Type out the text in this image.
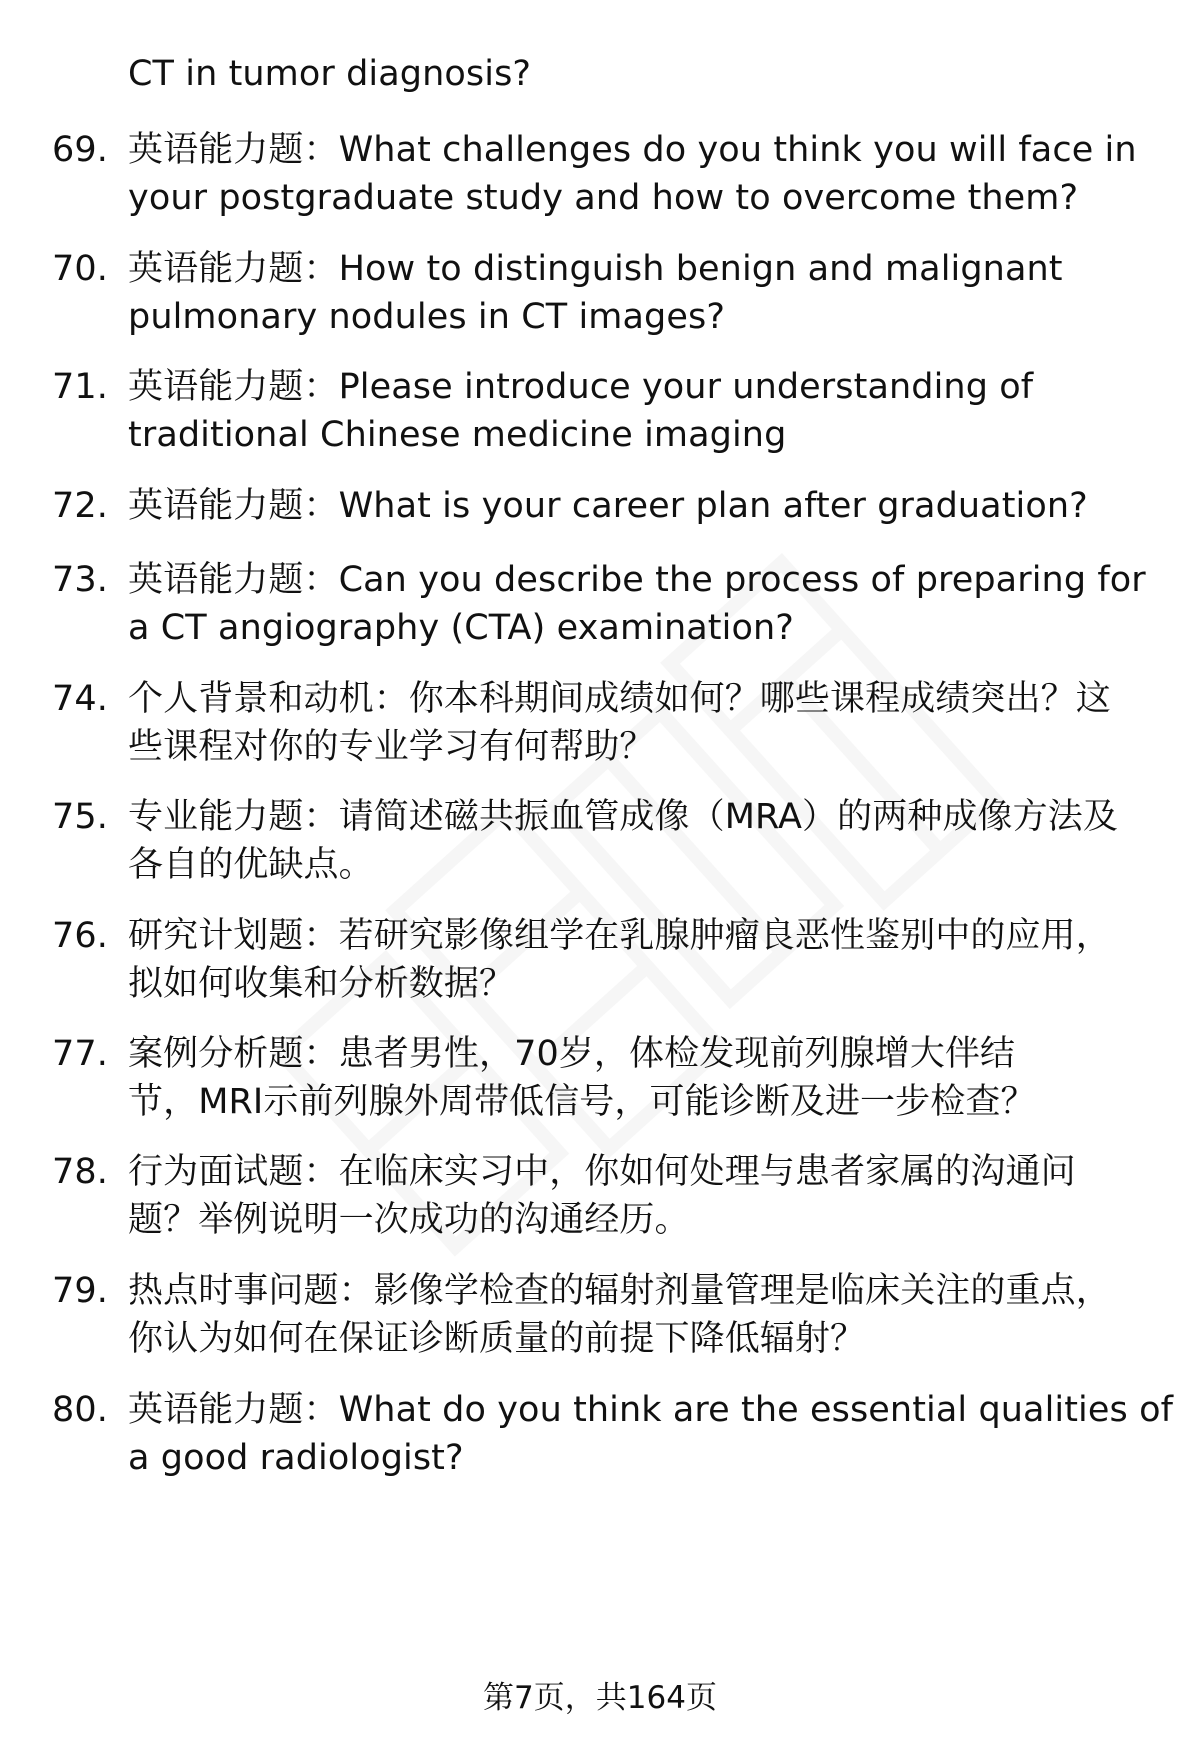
CT in tumor diagnosis?
69. 英语能力题：What challenges do you think you will face in
your postgraduate study and how to overcome them?
70. 英语能力题：How to distinguish benign and malignant
pulmonary nodules in CT images?
71. 英语能力题：Please introduce your understanding of
traditional Chinese medicine imaging
72. 英语能力题：What is your career plan after graduation?
73. 英语能力题：Can you describe the process of preparing for
a CT angiography (CTA) examination?
74. 个人背景和动机：你本科期间成绩如何？哪些课程成绩突出？这
些课程对你的专业学习有何帮助？
75. 专业能力题：请简述磁共振血管成像（MRA）的两种成像方法及
各自的优缺点。
76. 研究计划题：若研究影像组学在乳腺肿瘤良恶性鉴别中的应用，
拟如何收集和分析数据？
77. 案例分析题：患者男性，70岁，体检发现前列腺增大伴结
节，MRI示前列腺外周带低信号，可能诊断及进一步检查？
78. 行为面试题：在临床实习中，你如何处理与患者家属的沟通问
题？举例说明一次成功的沟通经历。
79. 热点时事问题：影像学检查的辐射剂量管理是临床关注的重点，
你认为如何在保证诊断质量的前提下降低辐射？
80. 英语能力题：What do you think are the essential qualities of
a good radiologist?
第7页，共164页
